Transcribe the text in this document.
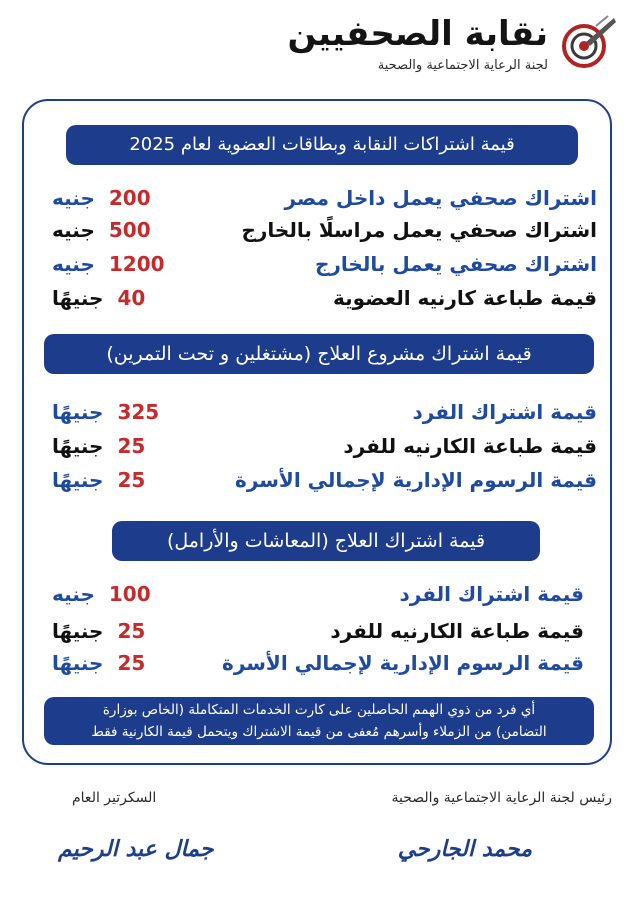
نقابة الصحفيين
لجنة الرعاية الاجتماعية والصحية
قيمة اشتراكات النقابة وبطاقات العضوية لعام 2025
اشتراك صحفي يعمل داخل مصر
200
جنيه
اشتراك صحفي يعمل مراسلًا بالخارج
500
جنيه
اشتراك صحفي يعمل بالخارج
1200
جنيه
قيمة طباعة كارنيه العضوية
40
جنيهًا
قيمة اشتراك مشروع العلاج (مشتغلين و تحت التمرين)
قيمة اشتراك الفرد
325
جنيهًا
قيمة طباعة الكارنيه للفرد
25
جنيهًا
قيمة الرسوم الإدارية لإجمالي الأسرة
25
جنيهًا
قيمة اشتراك العلاج (المعاشات والأرامل)
قيمة اشتراك الفرد
100
جنيه
قيمة طباعة الكارنيه للفرد
25
جنيهًا
قيمة الرسوم الإدارية لإجمالي الأسرة
25
جنيهًا
أي فرد من ذوي الهمم الحاصلين على كارت الخدمات المتكاملة (الخاص بوزارة
التضامن) من الزملاء وأسرهم مُعفى من قيمة الاشتراك ويتحمل قيمة الكارنية فقط
رئيس لجنة الرعاية الاجتماعية والصحية
محمد الجارحي
السكرتير العام
جمال عبد الرحيم
